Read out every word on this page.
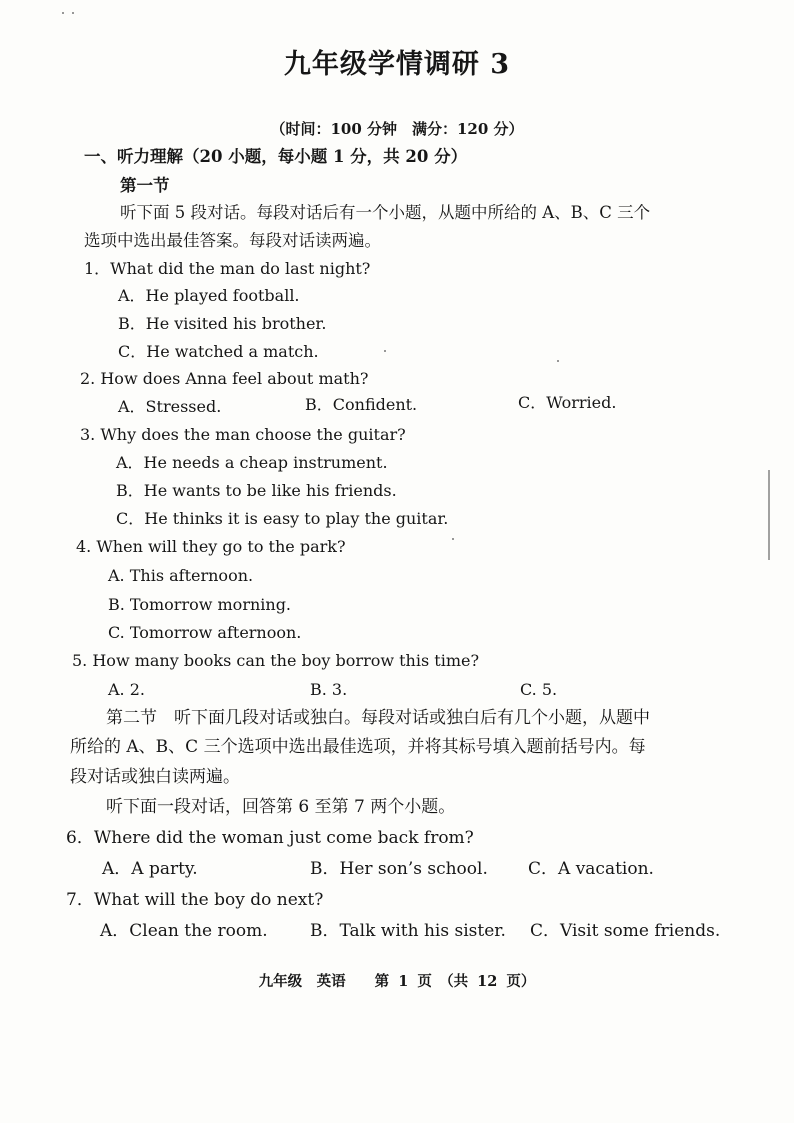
九年级学情调研 3
（时间：100 分钟　满分：120 分）
一、听力理解（20 小题，每小题 1 分，共 20 分）
第一节
听下面 5 段对话。每段对话后有一个小题，从题中所给的 A、B、C 三个
选项中选出最佳答案。每段对话读两遍。
1．What did the man do last night?
A．He played football.
B．He visited his brother.
C．He watched a match.
2. How does Anna feel about math?
A．Stressed.	B．Confident.	C．Worried.
3. Why does the man choose the guitar?
A．He needs a cheap instrument.
B．He wants to be like his friends.
C．He thinks it is easy to play the guitar.
4. When will they go to the park?
A. This afternoon.
B. Tomorrow morning.
C. Tomorrow afternoon.
5. How many books can the boy borrow this time?
A. 2.	B. 3.	C. 5.
第二节　听下面几段对话或独白。每段对话或独白后有几个小题，从题中
所给的 A、B、C 三个选项中选出最佳选项，并将其标号填入题前括号内。每
段对话或独白读两遍。
听下面一段对话，回答第 6 至第 7 两个小题。
6．Where did the woman just come back from?
A．A party.	B．Her son’s school. C．A vacation.
7．What will the boy do next?
A．Clean the room. B．Talk with his sister. C．Visit some friends.
九年级　英语　　第 1 页　（共 12 页）
